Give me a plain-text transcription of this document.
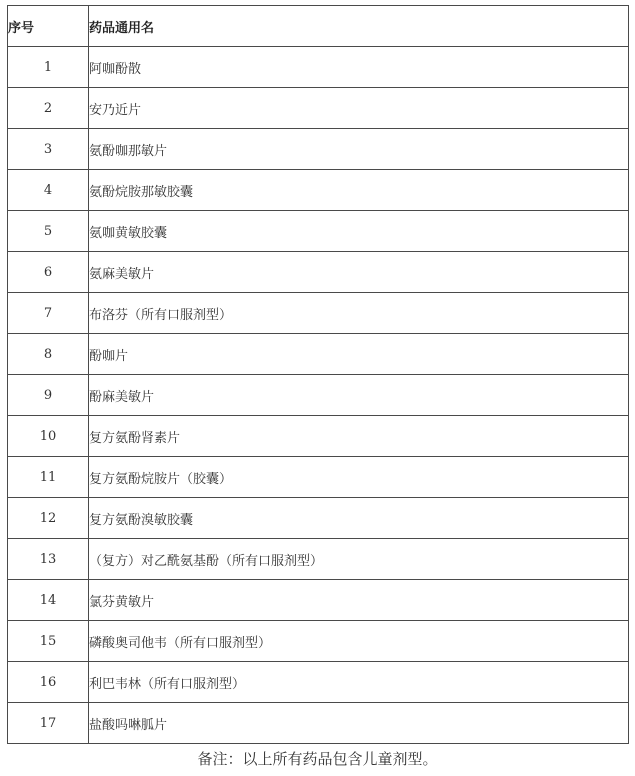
序号	药品通用名
1	阿咖酚散
2	安乃近片
3	氨酚咖那敏片
4	氨酚烷胺那敏胶囊
5	氨咖黄敏胶囊
6	氨麻美敏片
7	布洛芬（所有口服剂型）
8	酚咖片
9	酚麻美敏片
10	复方氨酚肾素片
11	复方氨酚烷胺片（胶囊）
12	复方氨酚溴敏胶囊
13	（复方）对乙酰氨基酚（所有口服剂型）
14	氯芬黄敏片
15	磷酸奥司他韦（所有口服剂型）
16	利巴韦林（所有口服剂型）
17	盐酸吗啉胍片
备注：以上所有药品包含儿童剂型。
